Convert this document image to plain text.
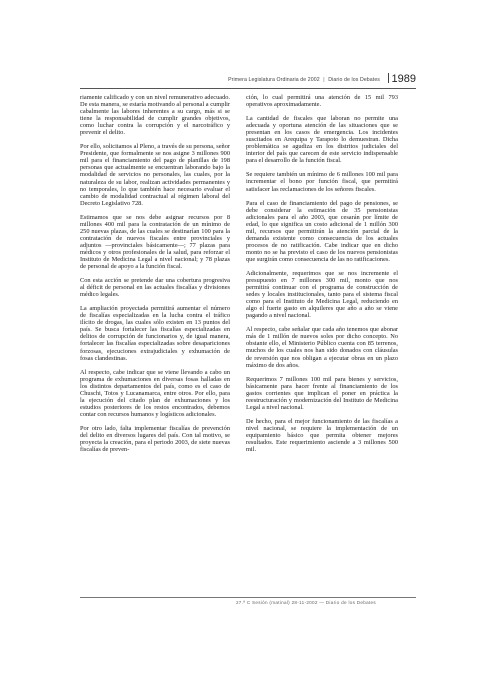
Primera Legislatura Ordinaria de 2002 | Diario de los Debates	1989

riamente calificado y con un nivel remunerativo adecuado. De esta manera, se estaría motivando al personal a cumplir cabalmente las labores inherentes a su cargo, más si se tiene la responsabilidad de cumplir grandes objetivos, como luchar contra la corrupción y el narcotráfico y prevenir el delito.

Por ello, solicitamos al Pleno, a través de su persona, señor Presidente, que formalmente se nos asigne 3 millones 900 mil para el financiamiento del pago de planillas de 198 personas que actualmente se encuentran laborando bajo la modalidad de servicios no personales, las cuales, por la naturaleza de su labor, realizan actividades permanentes y no temporales, lo que también hace necesario evaluar el cambio de modalidad contractual al régimen laboral del Decreto Legislativo 728.

Estimamos que se nos debe asignar recursos por 8 millones 400 mil para la contratación de un mínimo de 250 nuevas plazas, de las cuales se destinarían 100 para la contratación de nuevos fiscales entre provinciales y adjuntos —provinciales básicamente—; 77 plazas para médicos y otros profesionales de la salud, para reforzar el Instituto de Medicina Legal a nivel nacional; y 78 plazas de personal de apoyo a la función fiscal.

Con esta acción se pretende dar una cobertura progresiva al déficit de personal en las actuales fiscalías y divisiones médico legales.

La ampliación proyectada permitirá aumentar el número de fiscalías especializadas en la lucha contra el tráfico ilícito de drogas, las cuales sólo existen en 13 puntos del país. Se busca fortalecer las fiscalías especializadas en delitos de corrupción de funcionarios y, de igual manera, fortalecer las fiscalías especializadas sobre desapariciones forzosas, ejecuciones extrajudiciales y exhumación de fosas clandestinas.

Al respecto, cabe indicar que se viene llevando a cabo un programa de exhumaciones en diversas fosas halladas en los distintos departamentos del país, como es el caso de Chuschi, Totos y Lucanamarca, entre otros. Por ello, para la ejecución del citado plan de exhumaciones y los estudios posteriores de los restos encontrados, debemos contar con recursos humanos y logísticos adicionales.

Por otro lado, falta implementar fiscalías de prevención del delito en diversos lugares del país. Con tal motivo, se proyecta la creación, para el periodo 2003, de siete nuevas fiscalías de preven-

ción, lo cual permitirá una atención de 15 mil 793 operativos aproximadamente.

La cantidad de fiscales que laboran no permite una adecuada y oportuna atención de las situaciones que se presentan en los casos de emergencia. Los incidentes suscitados en Arequipa y Tarapoto lo demuestran. Dicha problemática se agudiza en los distritos judiciales del interior del país que carecen de este servicio indispensable para el desarrollo de la función fiscal.

Se requiere también un mínimo de 6 millones 100 mil para incrementar el bono por función fiscal, que permitirá satisfacer las reclamaciones de los señores fiscales.

Para el caso de financiamiento del pago de pensiones, se debe considerar la estimación de 35 pensionistas adicionales para el año 2003, que cesarán por límite de edad, lo que significa un costo adicional de 1 millón 300 mil, recursos que permitirán la atención parcial de la demanda existente como consecuencia de los actuales procesos de no ratificación. Cabe indicar que en dicho monto no se ha previsto el caso de los nuevos pensionistas que surgirán como consecuencia de las no ratificaciones.

Adicionalmente, requerimos que se nos incremente el presupuesto en 7 millones 300 mil, monto que nos permitirá continuar con el programa de construcción de sedes y locales institucionales, tanto para el sistema fiscal como para el Instituto de Medicina Legal, reduciendo en algo el fuerte gasto en alquileres que año a año se viene pagando a nivel nacional.

Al respecto, cabe señalar que cada año tenemos que abonar más de 1 millón de nuevos soles por dicho concepto. No obstante ello, el Ministerio Público cuenta con 85 terrenos, muchos de los cuales nos han sido donados con cláusulas de reversión que nos obligan a ejecutar obras en un plazo máximo de dos años.

Requerimos 7 millones 100 mil para bienes y servicios, básicamente para hacer frente al financiamiento de los gastos corrientes que implican el poner en práctica la reestructuración y modernización del Instituto de Medicina Legal a nivel nacional.

De hecho, para el mejor funcionamiento de las fiscalías a nivel nacional, se requiere la implementación de un equipamiento básico que permita obtener mejores resultados. Este requerimiento asciende a 3 millones 500 mil.

27.ª C Sesión (matinal) 28-11-2002 — Diario de los Debates
